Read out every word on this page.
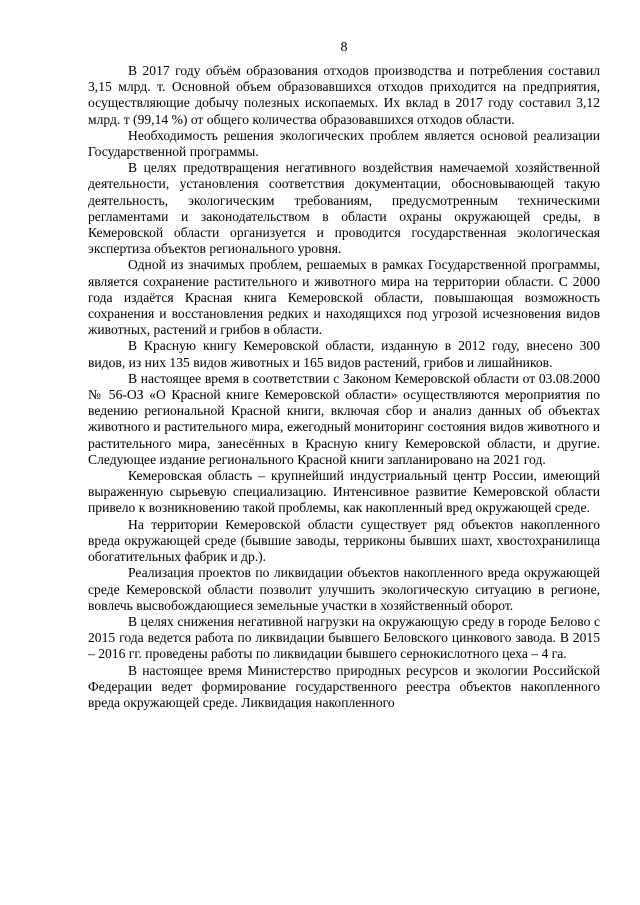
8

В 2017 году объём образования отходов производства и потребления составил 3,15 млрд. т. Основной объем образовавшихся отходов приходится на предприятия, осуществляющие добычу полезных ископаемых. Их вклад в 2017 году составил 3,12 млрд. т (99,14 %) от общего количества образовавшихся отходов области.

Необходимость решения экологических проблем является основой реализации Государственной программы.

В целях предотвращения негативного воздействия намечаемой хозяйственной деятельности, установления соответствия документации, обосновывающей такую деятельность, экологическим требованиям, предусмотренным техническими регламентами и законодательством в области охраны окружающей среды, в Кемеровской области организуется и проводится государственная экологическая экспертиза объектов регионального уровня.

Одной из значимых проблем, решаемых в рамках Государственной программы, является сохранение растительного и животного мира на территории области. С 2000 года издаётся Красная книга Кемеровской области, повышающая возможность сохранения и восстановления редких и находящихся под угрозой исчезновения видов животных, растений и грибов в области.

В Красную книгу Кемеровской области, изданную в 2012 году, внесено 300 видов, из них 135 видов животных и 165 видов растений, грибов и лишайников.

В настоящее время в соответствии с Законом Кемеровской области от 03.08.2000 № 56-ОЗ «О Красной книге Кемеровской области» осуществляются мероприятия по ведению региональной Красной книги, включая сбор и анализ данных об объектах животного и растительного мира, ежегодный мониторинг состояния видов животного и растительного мира, занесённых в Красную книгу Кемеровской области, и другие. Следующее издание регионального Красной книги запланировано на 2021 год.

Кемеровская область – крупнейший индустриальный центр России, имеющий выраженную сырьевую специализацию. Интенсивное развитие Кемеровской области привело к возникновению такой проблемы, как накопленный вред окружающей среде.

На территории Кемеровской области существует ряд объектов накопленного вреда окружающей среде (бывшие заводы, терриконы бывших шахт, хвостохранилища обогатительных фабрик и др.).

Реализация проектов по ликвидации объектов накопленного вреда окружающей среде Кемеровской области позволит улучшить экологическую ситуацию в регионе, вовлечь высвобождающиеся земельные участки в хозяйственный оборот.

В целях снижения негативной нагрузки на окружающую среду в городе Белово с 2015 года ведется работа по ликвидации бывшего Беловского цинкового завода. В 2015 – 2016 гг. проведены работы по ликвидации бывшего сернокислотного цеха – 4 га.

В настоящее время Министерство природных ресурсов и экологии Российской Федерации ведет формирование государственного реестра объектов накопленного вреда окружающей среде. Ликвидация накопленного
